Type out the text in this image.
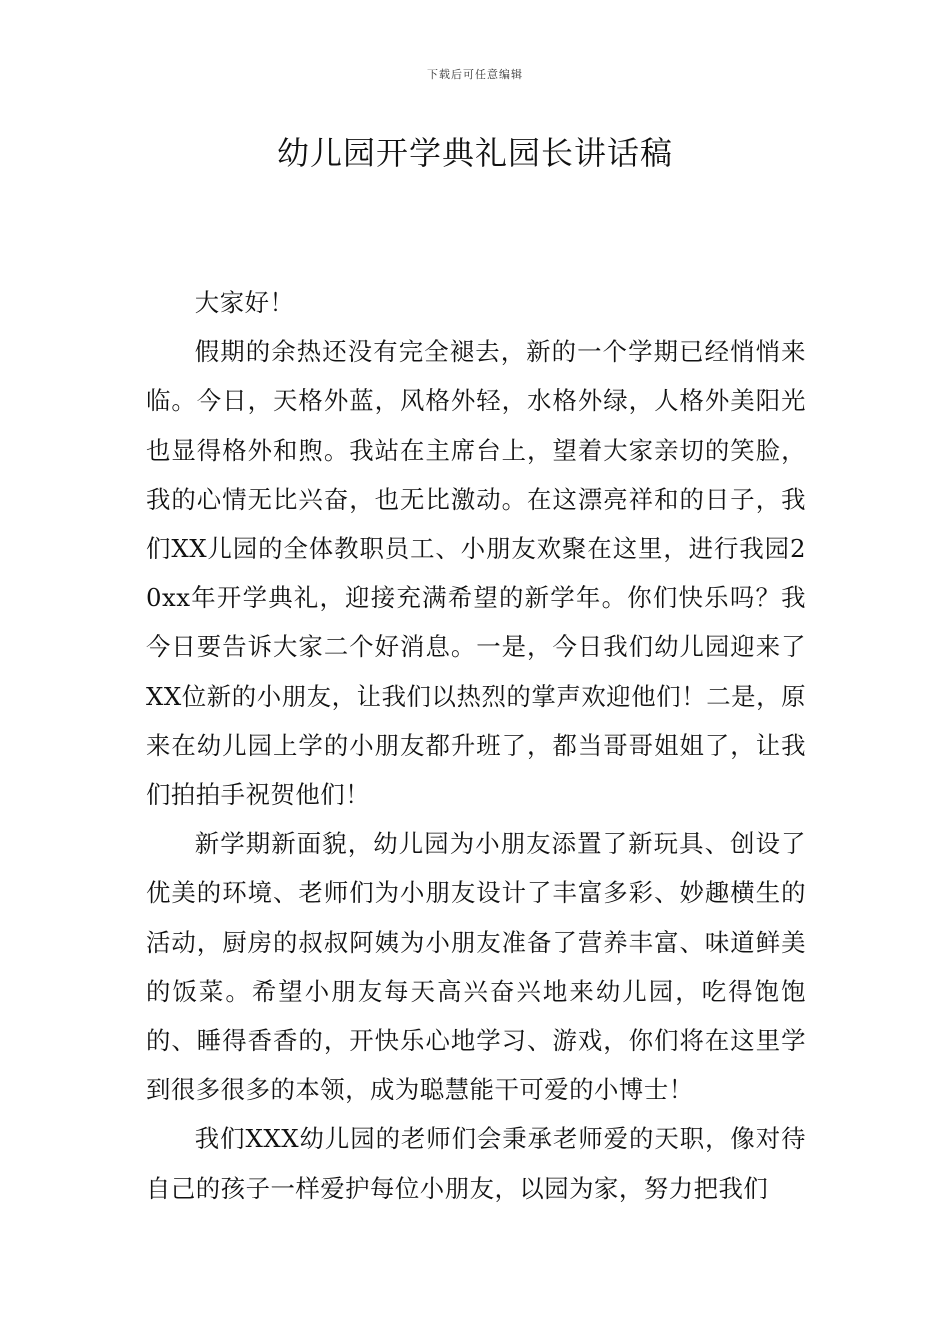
下载后可任意编辑
幼儿园开学典礼园长讲话稿

大家好！

假期的余热还没有完全褪去，新的一个学期已经悄悄来临。今日，天格外蓝，风格外轻，水格外绿，人格外美阳光也显得格外和煦。我站在主席台上，望着大家亲切的笑脸，我的心情无比兴奋，也无比激动。在这漂亮祥和的日子，我们XX儿园的全体教职员工、小朋友欢聚在这里，进行我园20xx年开学典礼，迎接充满希望的新学年。你们快乐吗？我今日要告诉大家二个好消息。一是，今日我们幼儿园迎来了XX位新的小朋友，让我们以热烈的掌声欢迎他们！二是，原来在幼儿园上学的小朋友都升班了，都当哥哥姐姐了，让我们拍拍手祝贺他们！

新学期新面貌，幼儿园为小朋友添置了新玩具、创设了优美的环境、老师们为小朋友设计了丰富多彩、妙趣横生的活动，厨房的叔叔阿姨为小朋友准备了营养丰富、味道鲜美的饭菜。希望小朋友每天高兴奋兴地来幼儿园，吃得饱饱的、睡得香香的，开快乐心地学习、游戏，你们将在这里学到很多很多的本领，成为聪慧能干可爱的小博士！

我们XXX幼儿园的老师们会秉承老师爱的天职，像对待自己的孩子一样爱护每位小朋友，以园为家，努力把我们
